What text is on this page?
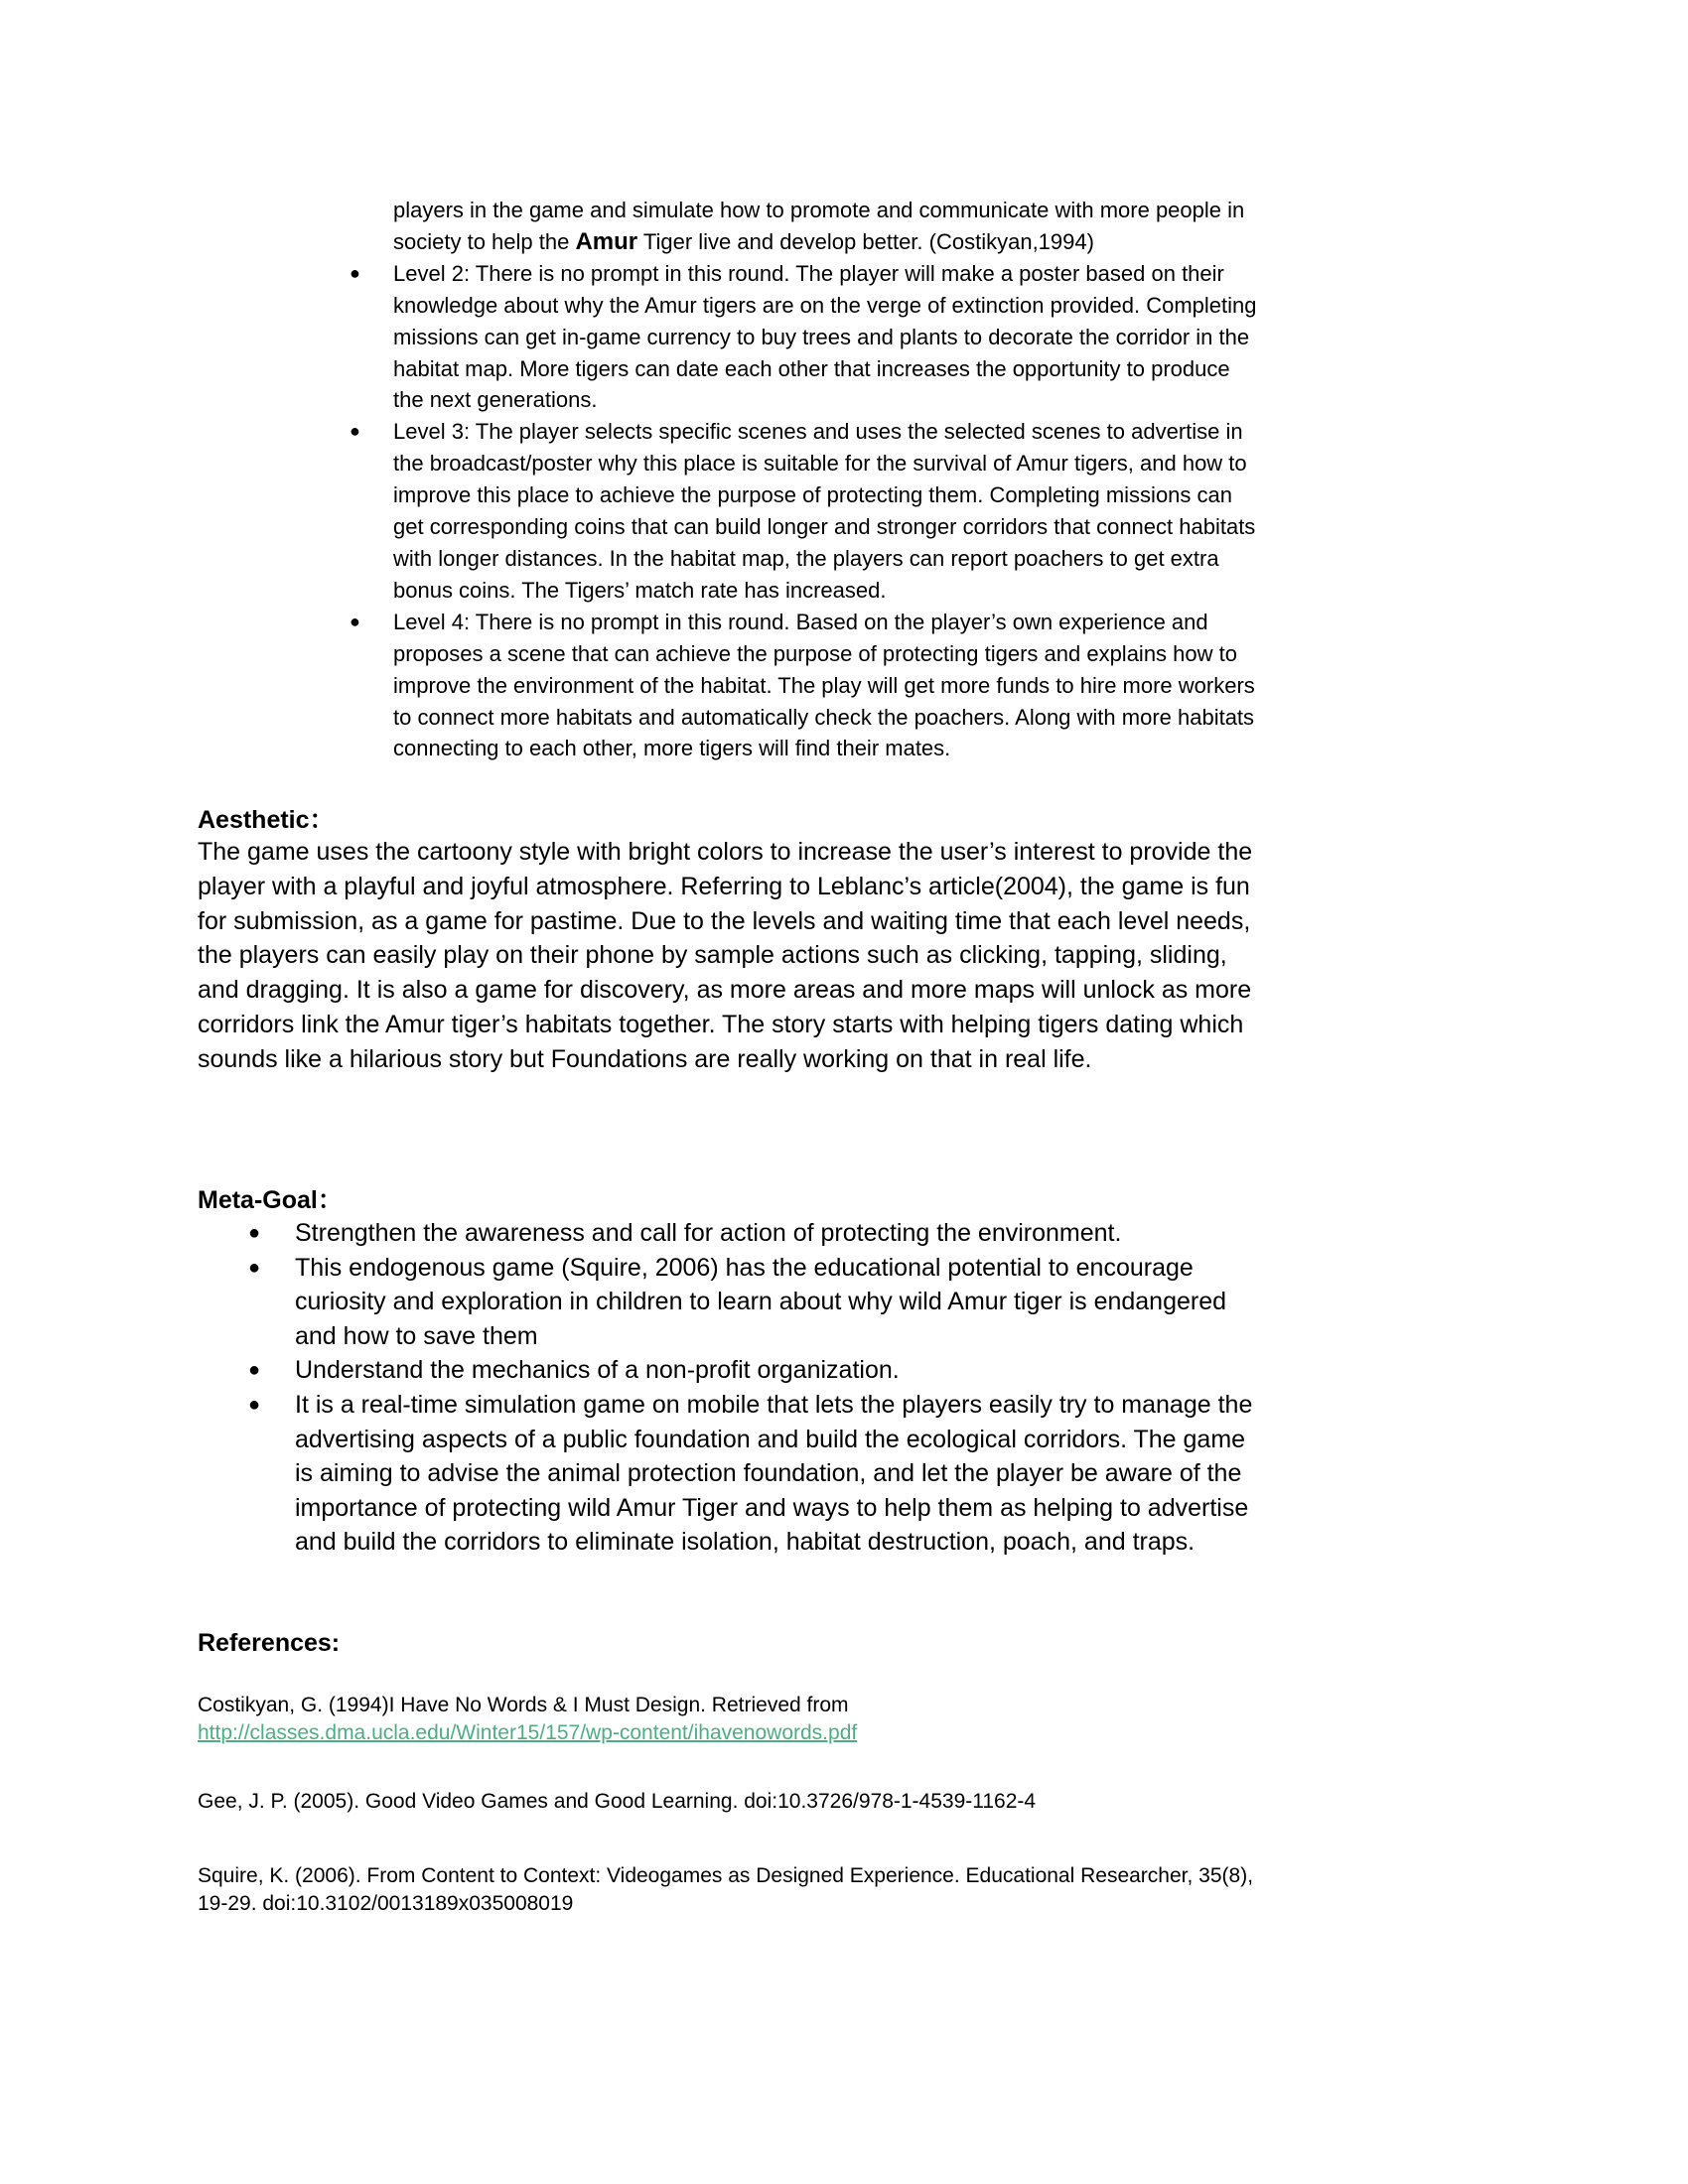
players in the game and simulate how to promote and communicate with more people in
society to help the Amur Tiger live and develop better. (Costikyan,1994)
● Level 2: There is no prompt in this round. The player will make a poster based on their
knowledge about why the Amur tigers are on the verge of extinction provided. Completing
missions can get in-game currency to buy trees and plants to decorate the corridor in the
habitat map. More tigers can date each other that increases the opportunity to produce
the next generations.
● Level 3: The player selects specific scenes and uses the selected scenes to advertise in
the broadcast/poster why this place is suitable for the survival of Amur tigers, and how to
improve this place to achieve the purpose of protecting them. Completing missions can
get corresponding coins that can build longer and stronger corridors that connect habitats
with longer distances. In the habitat map, the players can report poachers to get extra
bonus coins. The Tigers’ match rate has increased.
● Level 4: There is no prompt in this round. Based on the player’s own experience and
proposes a scene that can achieve the purpose of protecting tigers and explains how to
improve the environment of the habitat. The play will get more funds to hire more workers
to connect more habitats and automatically check the poachers. Along with more habitats
connecting to each other, more tigers will find their mates.
Aesthetic：
The game uses the cartoony style with bright colors to increase the user’s interest to provide the
player with a playful and joyful atmosphere. Referring to Leblanc’s article(2004), the game is fun
for submission, as a game for pastime. Due to the levels and waiting time that each level needs,
the players can easily play on their phone by sample actions such as clicking, tapping, sliding,
and dragging. It is also a game for discovery, as more areas and more maps will unlock as more
corridors link the Amur tiger’s habitats together. The story starts with helping tigers dating which
sounds like a hilarious story but Foundations are really working on that in real life.
Meta-Goal：
● Strengthen the awareness and call for action of protecting the environment.
● This endogenous game (Squire, 2006) has the educational potential to encourage
curiosity and exploration in children to learn about why wild Amur tiger is endangered
and how to save them
● Understand the mechanics of a non-profit organization.
● It is a real-time simulation game on mobile that lets the players easily try to manage the
advertising aspects of a public foundation and build the ecological corridors. The game
is aiming to advise the animal protection foundation, and let the player be aware of the
importance of protecting wild Amur Tiger and ways to help them as helping to advertise
and build the corridors to eliminate isolation, habitat destruction, poach, and traps.
References:
Costikyan, G. (1994)I Have No Words & I Must Design. Retrieved from
http://classes.dma.ucla.edu/Winter15/157/wp-content/ihavenowords.pdf
Gee, J. P. (2005). Good Video Games and Good Learning. doi:10.3726/978-1-4539-1162-4
Squire, K. (2006). From Content to Context: Videogames as Designed Experience. Educational Researcher, 35(8),
19-29. doi:10.3102/0013189x035008019
